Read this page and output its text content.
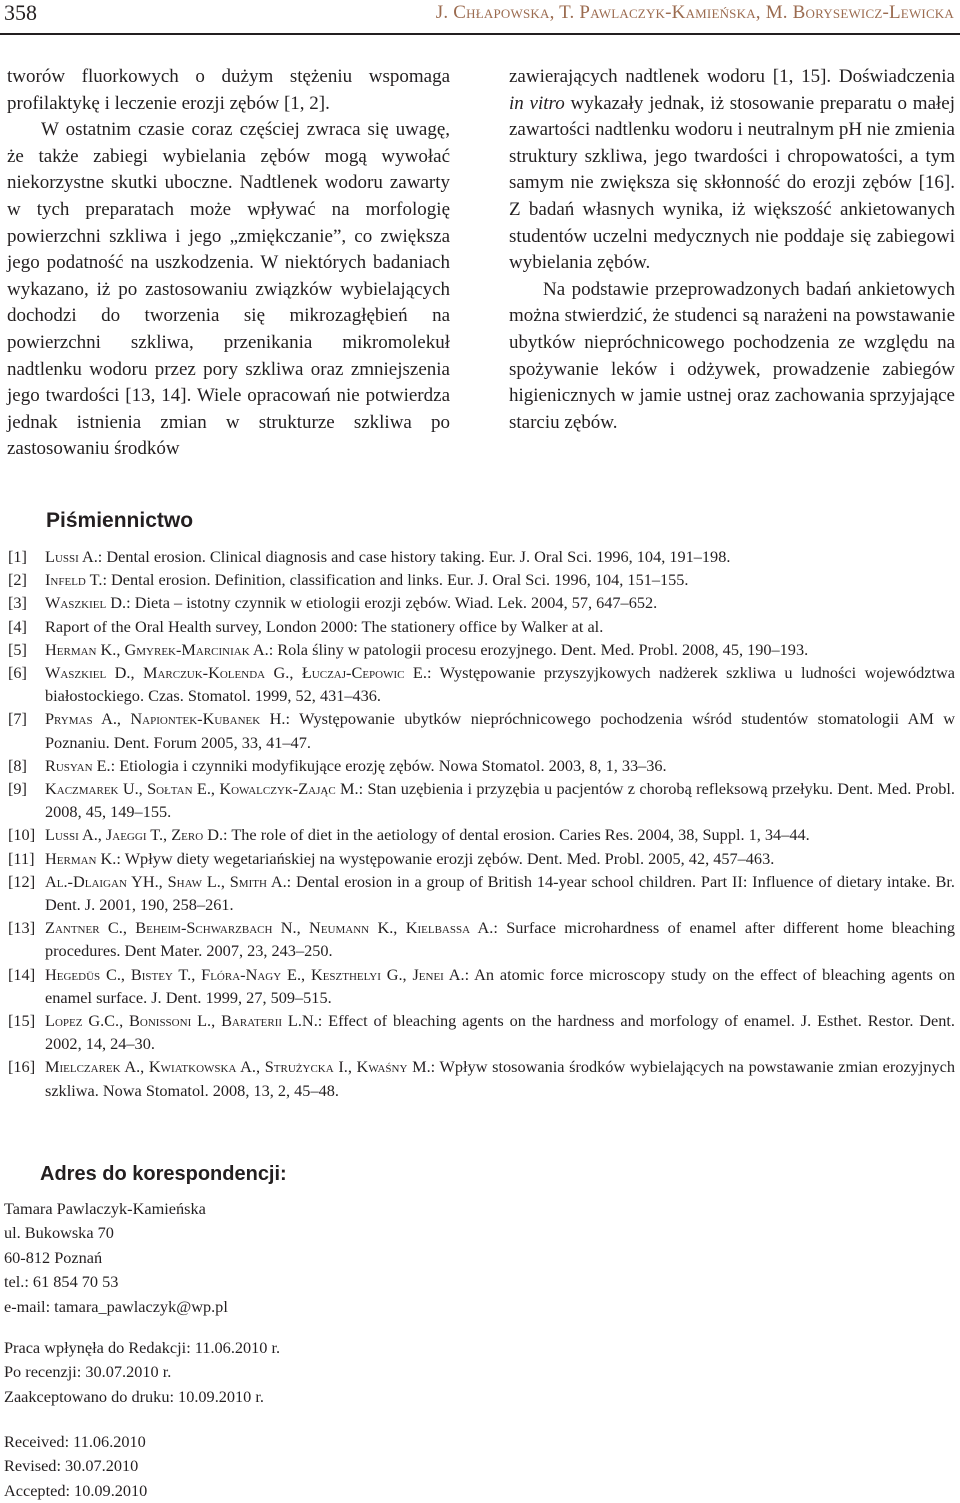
358	J. Chłapowska, T. Pawlaczyk-Kamieńska, M. Borysewicz-Lewicka

tworów fluorkowych o dużym stężeniu wspomaga profilaktykę i leczenie erozji zębów [1, 2].

W ostatnim czasie coraz częściej zwraca się uwagę, że także zabiegi wybielania zębów mogą wywołać niekorzystne skutki uboczne. Nadtlenek wodoru zawarty w tych preparatach może wpływać na morfologię powierzchni szkliwa i jego „zmiękczanie”, co zwiększa jego podatność na uszkodzenia. W niektórych badaniach wykazano, iż po zastosowaniu związków wybielających dochodzi do tworzenia się mikrozagłębień na powierzchni szkliwa, przenikania mikromolekuł nadtlenku wodoru przez pory szkliwa oraz zmniejszenia jego twardości [13, 14]. Wiele opracowań nie potwierdza jednak istnienia zmian w strukturze szkliwa po zastosowaniu środków

zawierających nadtlenek wodoru [1, 15]. Doświadczenia in vitro wykazały jednak, iż stosowanie preparatu o małej zawartości nadtlenku wodoru i neutralnym pH nie zmienia struktury szkliwa, jego twardości i chropowatości, a tym samym nie zwiększa się skłonność do erozji zębów [16]. Z badań własnych wynika, iż większość ankietowanych studentów uczelni medycznych nie poddaje się zabiegowi wybielania zębów.

Na podstawie przeprowadzonych badań ankietowych można stwierdzić, że studenci są narażeni na powstawanie ubytków niepróchnicowego pochodzenia ze względu na spożywanie leków i odżywek, prowadzenie zabiegów higienicznych w jamie ustnej oraz zachowania sprzyjające starciu zębów.

Piśmiennictwo
[1]	Lussi A.: Dental erosion. Clinical diagnosis and case history taking. Eur. J. Oral Sci. 1996, 104, 191–198.
[2]	Infeld T.: Dental erosion. Definition, classification and links. Eur. J. Oral Sci. 1996, 104, 151–155.
[3]	Waszkiel D.: Dieta – istotny czynnik w etiologii erozji zębów. Wiad. Lek. 2004, 57, 647–652.
[4]	Raport of the Oral Health survey, London 2000: The stationery office by Walker at al.
[5]	Herman K., Gmyrek-Marciniak A.: Rola śliny w patologii procesu erozyjnego. Dent. Med. Probl. 2008, 45, 190–193.
[6]	Waszkiel D., Marczuk-Kolenda G., Łuczaj-Cepowic E.: Występowanie przyszyjkowych nadżerek szkliwa u ludności województwa białostockiego. Czas. Stomatol. 1999, 52, 431–436.
[7]	Prymas A., Napiontek-Kubanek H.: Występowanie ubytków niepróchnicowego pochodzenia wśród studentów stomatologii AM w Poznaniu. Dent. Forum 2005, 33, 41–47.
[8]	Rusyan E.: Etiologia i czynniki modyfikujące erozję zębów. Nowa Stomatol. 2003, 8, 1, 33–36.
[9]	Kaczmarek U., Sołtan E., Kowalczyk-Zając M.: Stan uzębienia i przyzębia u pacjentów z chorobą refleksową przełyku. Dent. Med. Probl. 2008, 45, 149–155.
[10] Lussi A., Jaeggi T., Zero D.: The role of diet in the aetiology of dental erosion. Caries Res. 2004, 38, Suppl. 1, 34–44.
[11] Herman K.: Wpływ diety wegetariańskiej na występowanie erozji zębów. Dent. Med. Probl. 2005, 42, 457–463.
[12] Al.-Dlaigan YH., Shaw L., Smith A.: Dental erosion in a group of British 14-year school children. Part II: Influence of dietary intake. Br. Dent. J. 2001, 190, 258–261.
[13] Zantner C., Beheim-Schwarzbach N., Neumann K., Kielbassa A.: Surface microhardness of enamel after different home bleaching procedures. Dent Mater. 2007, 23, 243–250.
[14] Hegedüs C., Bistey T., Flóra-Nagy E., Keszthelyi G., Jenei A.: An atomic force microscopy study on the effect of bleaching agents on enamel surface. J. Dent. 1999, 27, 509–515.
[15] Lopez G.C., Bonissoni L., Baraterii L.N.: Effect of bleaching agents on the hardness and morfology of enamel. J. Esthet. Restor. Dent. 2002, 14, 24–30.
[16] Mielczarek A., Kwiatkowska A., Strużycka I., Kwaśny M.: Wpływ stosowania środków wybielających na powstawanie zmian erozyjnych szkliwa. Nowa Stomatol. 2008, 13, 2, 45–48.
Adres do korespondencji:
Tamara Pawlaczyk-Kamieńska
ul. Bukowska 70
60-812 Poznań
tel.: 61 854 70 53
e-mail: tamara_pawlaczyk@wp.pl
Praca wpłynęła do Redakcji: 11.06.2010 r.
Po recenzji: 30.07.2010 r.
Zaakceptowano do druku: 10.09.2010 r.
Received: 11.06.2010
Revised: 30.07.2010
Accepted: 10.09.2010
